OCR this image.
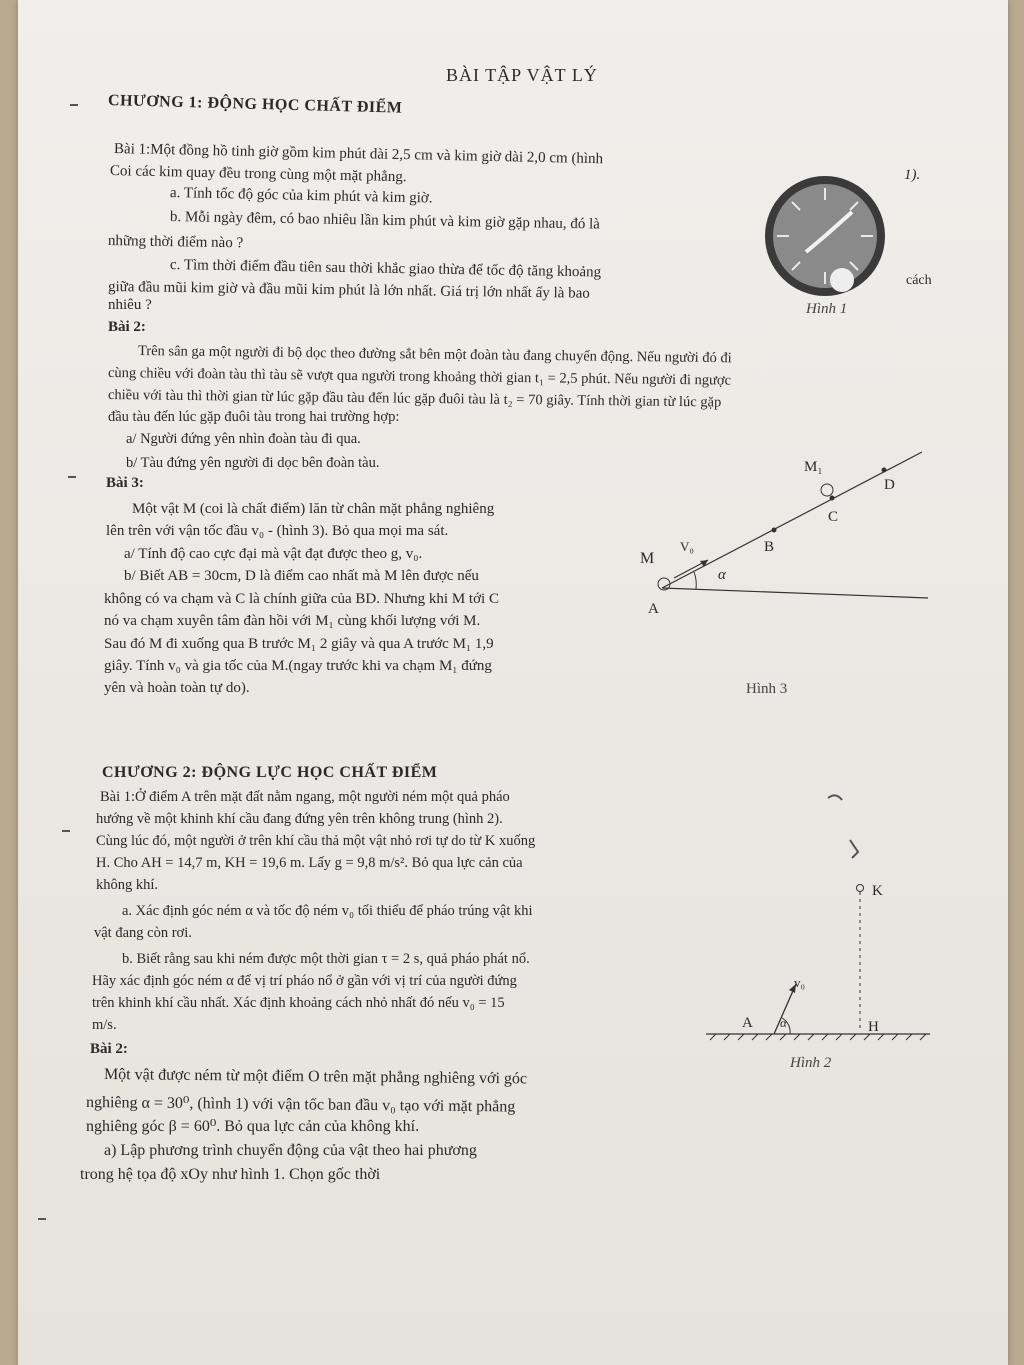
BÀI TẬP VẬT LÝ
CHƯƠNG 1: ĐỘNG HỌC CHẤT ĐIỂM
Bài 1:Một đồng hồ tinh giờ gồm kim phút dài 2,5 cm và kim giờ dài 2,0 cm (hình
1).
Coi các kim quay đều trong cùng một mặt phẳng.
a. Tính tốc độ góc của kim phút và kim giờ.
b. Mỗi ngày đêm, có bao nhiêu lần kim phút và kim giờ gặp nhau, đó là
những thời điểm nào ?
c. Tìm thời điểm đầu tiên sau thời khắc giao thừa để tốc độ tăng khoảng	cách
giữa đầu mũi kim giờ và đầu mũi kim phút là lớn nhất. Giá trị lớn nhất ấy là bao
nhiêu ?	Hình 1
Bài 2:
Trên sân ga một người đi bộ dọc theo đường sắt bên một đoàn tàu đang chuyển động. Nếu người đó đi
cùng chiều với đoàn tàu thì tàu sẽ vượt qua người trong khoảng thời gian t₁ = 2,5 phút. Nếu người đi ngược
chiều với tàu thì thời gian từ lúc gặp đầu tàu đến lúc gặp đuôi tàu là t₂ = 70 giây. Tính thời gian từ lúc gặp
đầu tàu đến lúc gặp đuôi tàu trong hai trường hợp:
a/ Người đứng yên nhìn đoàn tàu đi qua.
b/ Tàu đứng yên người đi dọc bên đoàn tàu.
Bài 3:
Một vật M (coi là chất điểm) lăn từ chân mặt phẳng nghiêng
lên trên với vận tốc đầu v₀ - (hình 3). Bỏ qua mọi ma sát.
a/ Tính độ cao cực đại mà vật đạt được theo g, v₀.
b/ Biết AB = 30cm, D là điểm cao nhất mà M lên được nếu
không có va chạm và C là chính giữa của BD. Nhưng khi M tới C
nó va chạm xuyên tâm đàn hồi với M₁ cùng khối lượng với M.
Sau đó M đi xuống qua B trước M₁ 2 giây và qua A trước M₁ 1,9
giây. Tính v₀ và gia tốc của M.(ngay trước khi va chạm M₁ đứng
yên và hoàn toàn tự do).
M
V₀
α
A
B
C
D
M₁
Hình 3
CHƯƠNG 2: ĐỘNG LỰC HỌC CHẤT ĐIỂM
Bài 1:Ở điểm A trên mặt đất nằm ngang, một người ném một quả pháo
hướng về một khinh khí cầu đang đứng yên trên không trung (hình 2).
Cùng lúc đó, một người ở trên khí cầu thả một vật nhỏ rơi tự do từ K xuống
H. Cho AH = 14,7 m, KH = 19,6 m. Lấy g = 9,8 m/s². Bỏ qua lực cản của
không khí.
a. Xác định góc ném α và tốc độ ném v₀ tối thiểu để pháo trúng vật khi
vật đang còn rơi.
b. Biết rằng sau khi ném được một thời gian τ = 2 s, quả pháo phát nổ.
Hãy xác định góc ném α để vị trí pháo nổ ở gần với vị trí của người đứng
trên khinh khí cầu nhất. Xác định khoảng cách nhỏ nhất đó nếu v₀ = 15
m/s.
K
v₀
A α	H
Hình 2
Bài 2:
Một vật được ném từ một điểm O trên mặt phẳng nghiêng với góc
nghiêng α = 30⁰, (hình 1) với vận tốc ban đầu v₀ tạo với mặt phẳng
nghiêng góc β = 60⁰. Bỏ qua lực cản của không khí.
a) Lập phương trình chuyển động của vật theo hai phương
trong hệ tọa độ xOy như hình 1. Chọn gốc thời
